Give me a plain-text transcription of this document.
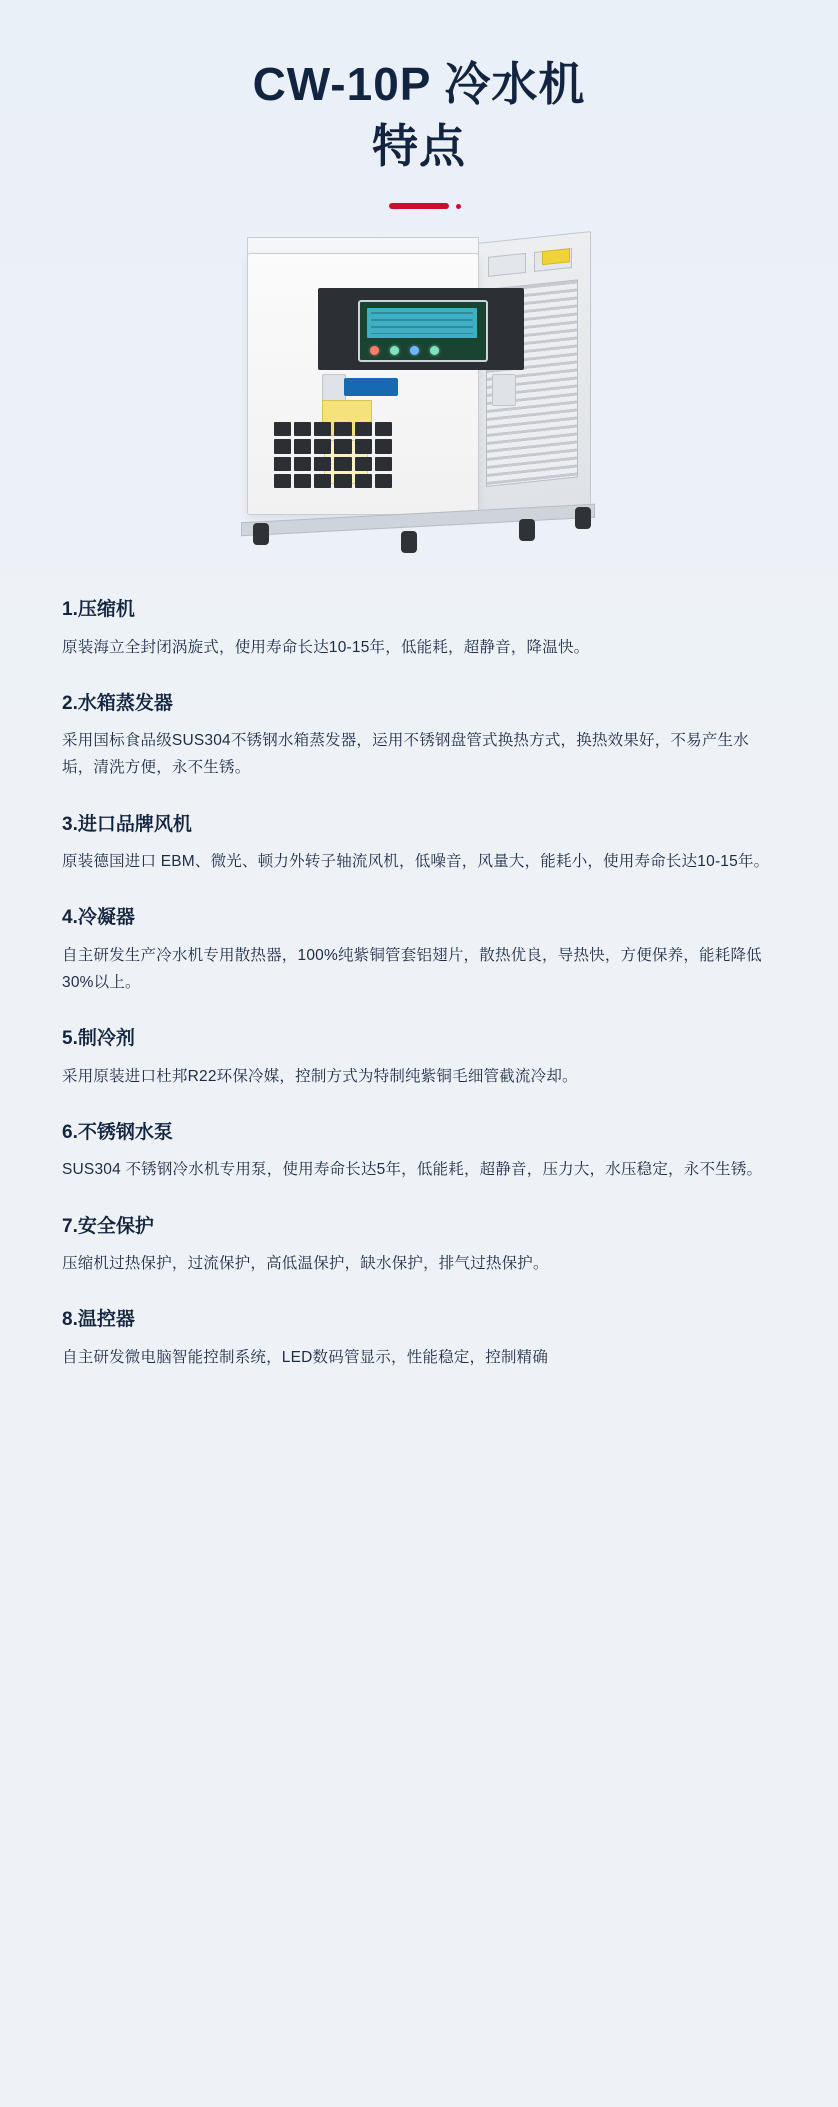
CW-10P 冷水机
特点
1.压缩机

原装海立全封闭涡旋式，使用寿命长达10-15年，低能耗，超静音，降温快。

2.水箱蒸发器

采用国标食品级SUS304不锈钢水箱蒸发器，运用不锈钢盘管式换热方式，换热效果好，不易产生水垢，清洗方便，永不生锈。

3.进口品牌风机

原装德国进口 EBM、微光、顿力外转子轴流风机，低噪音，风量大，能耗小，使用寿命长达10-15年。

4.冷凝器

自主研发生产冷水机专用散热器，100%纯紫铜管套铝翅片，散热优良，导热快，方便保养，能耗降低30%以上。

5.制冷剂

采用原装进口杜邦R22环保冷媒，控制方式为特制纯紫铜毛细管截流冷却。

6.不锈钢水泵

SUS304 不锈钢冷水机专用泵，使用寿命长达5年，低能耗，超静音，压力大，水压稳定，永不生锈。

7.安全保护

压缩机过热保护，过流保护，高低温保护，缺水保护，排气过热保护。

8.温控器

自主研发微电脑智能控制系统，LED数码管显示，性能稳定，控制精确
